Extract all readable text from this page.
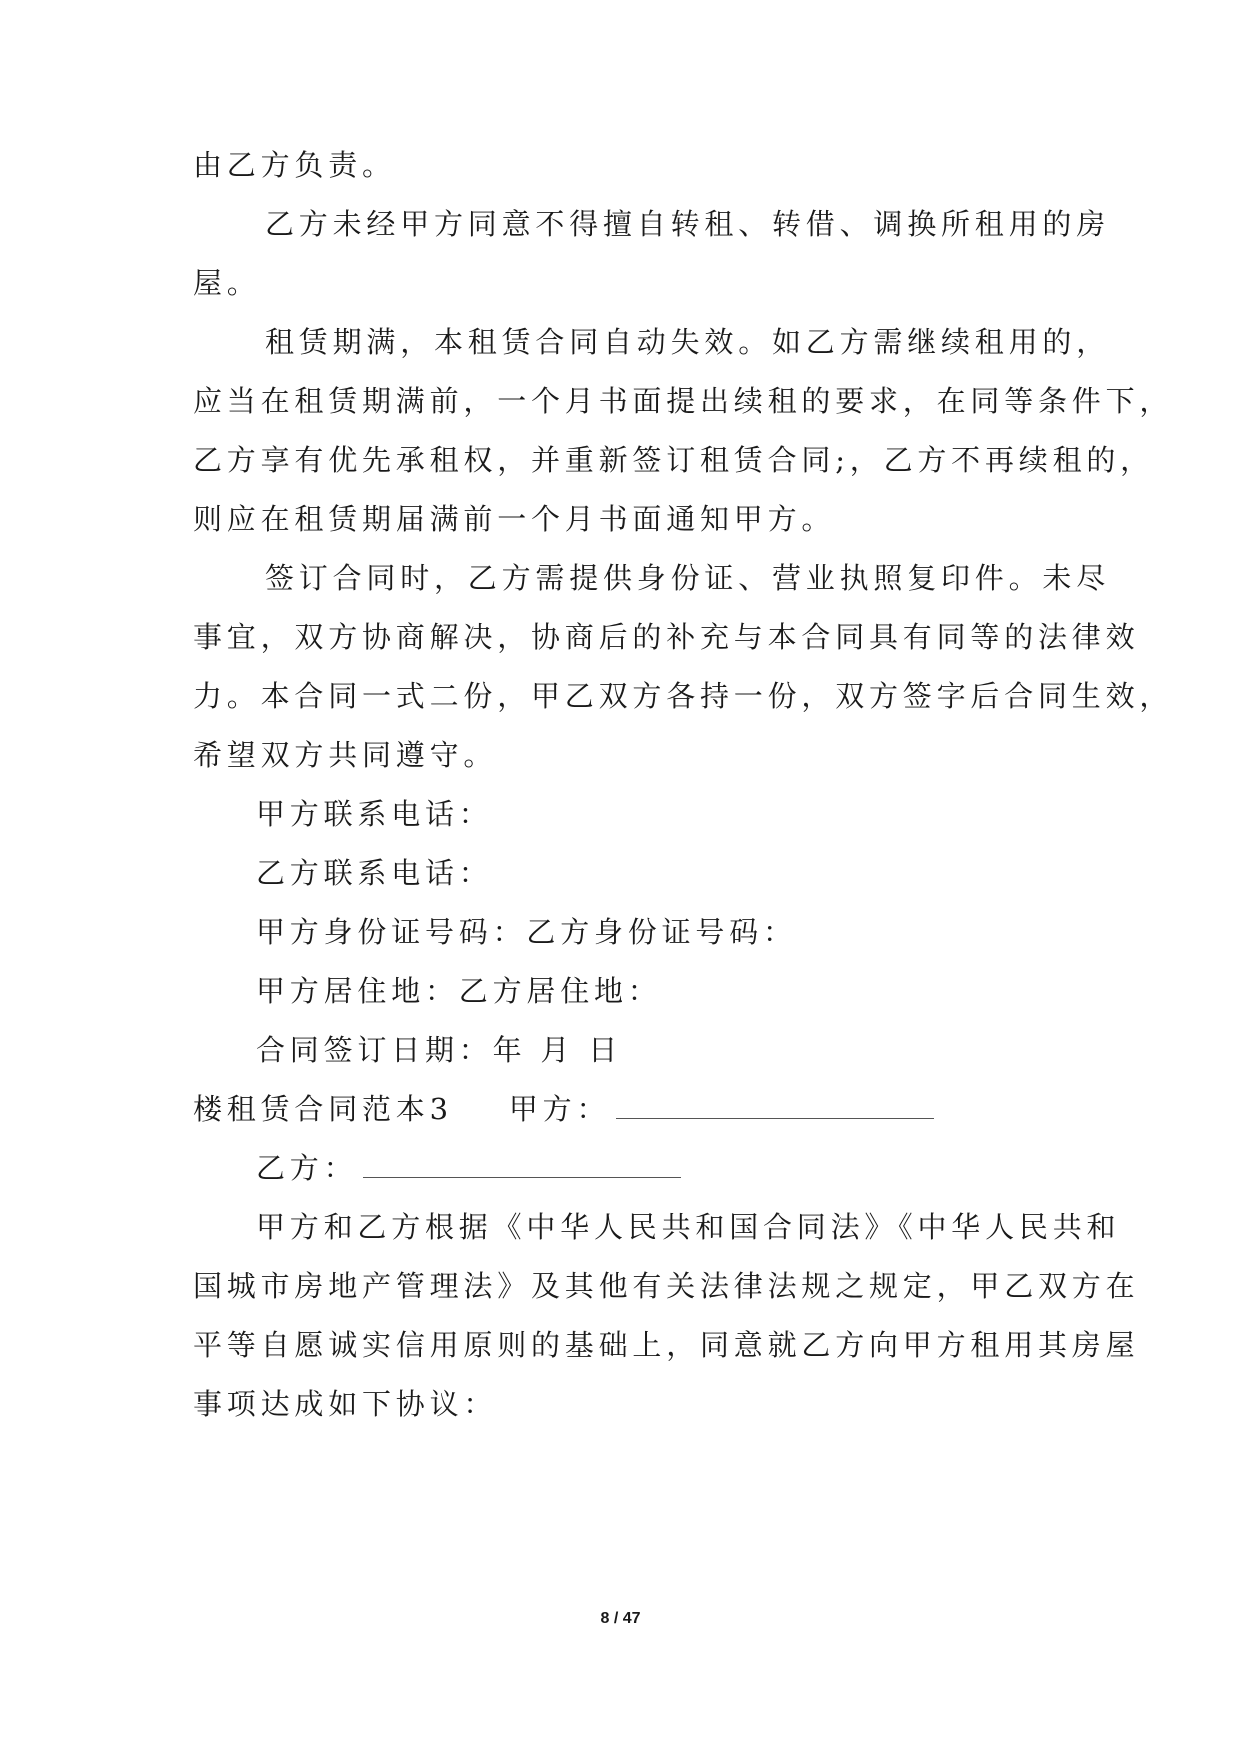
由乙方负责。
乙方未经甲方同意不得擅自转租、转借、调换所租用的房
屋。
租赁期满，本租赁合同自动失效。如乙方需继续租用的，
应当在租赁期满前，一个月书面提出续租的要求，在同等条件下，
乙方享有优先承租权，并重新签订租赁合同;，乙方不再续租的，
则应在租赁期届满前一个月书面通知甲方。
签订合同时，乙方需提供身份证、营业执照复印件。未尽
事宜，双方协商解决，协商后的补充与本合同具有同等的法律效
力。本合同一式二份，甲乙双方各持一份，双方签字后合同生效，
希望双方共同遵守。
甲方联系电话：
乙方联系电话：
甲方身份证号码：乙方身份证号码：
甲方居住地：乙方居住地：
合同签订日期：年 月 日
楼租赁合同范本3 甲方：
乙方：
甲方和乙方根据《中华人民共和国合同法》《中华人民共和
国城市房地产管理法》及其他有关法律法规之规定，甲乙双方在
平等自愿诚实信用原则的基础上，同意就乙方向甲方租用其房屋
事项达成如下协议：
8 / 47
